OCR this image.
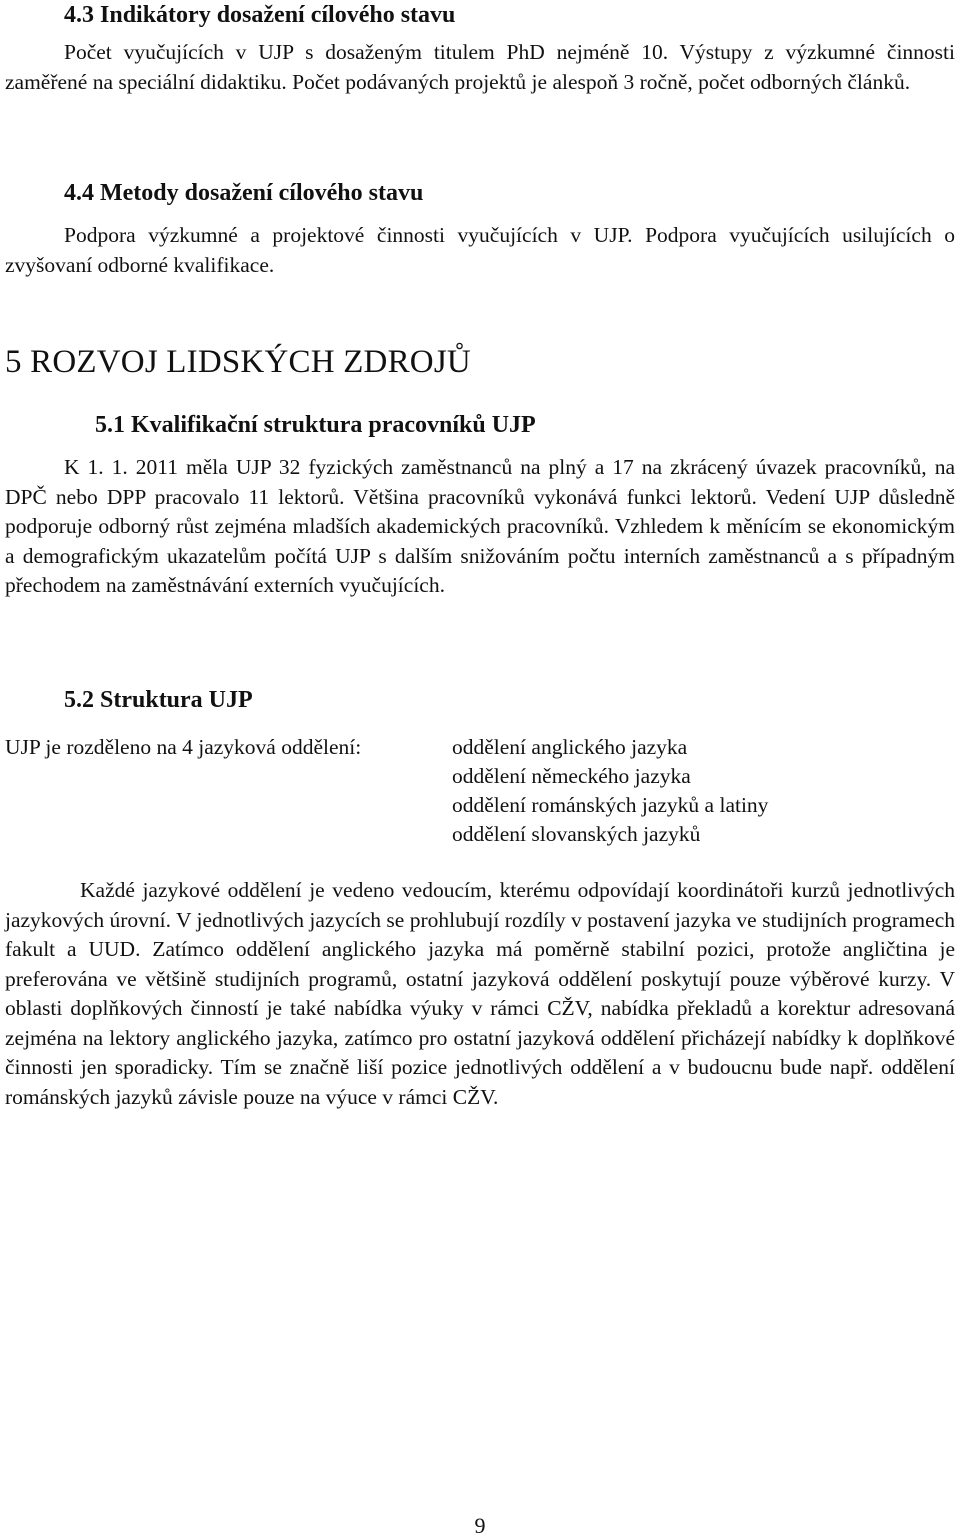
4.3 Indikátory dosažení cílového stavu

Počet vyučujících v UJP s dosaženým titulem PhD nejméně 10. Výstupy z výzkumné činnosti zaměřené na speciální didaktiku. Počet podávaných projektů je alespoň 3 ročně, počet odborných článků.

4.4 Metody dosažení cílového stavu

Podpora výzkumné a projektové činnosti vyučujících v UJP. Podpora vyučujících usilujících o zvyšovaní odborné kvalifikace.

5 ROZVOJ LIDSKÝCH ZDROJŮ
5.1 Kvalifikační struktura pracovníků UJP

K 1. 1. 2011 měla UJP 32 fyzických zaměstnanců na plný a 17 na zkrácený úvazek pracovníků, na DPČ nebo DPP pracovalo 11 lektorů. Většina pracovníků vykonává funkci lektorů. Vedení UJP důsledně podporuje odborný růst zejména mladších akademických pracovníků. Vzhledem k měnícím se ekonomickým a demografickým ukazatelům počítá UJP s dalším snižováním počtu interních zaměstnanců a s případným přechodem na zaměstnávání externích vyučujících.

5.2 Struktura UJP

UJP je rozděleno na 4 jazyková oddělení:	oddělení anglického jazyka
oddělení německého jazyka
oddělení románských jazyků a latiny
oddělení slovanských jazyků

Každé jazykové oddělení je vedeno vedoucím, kterému odpovídají koordinátoři kurzů jednotlivých jazykových úrovní. V jednotlivých jazycích se prohlubují rozdíly v postavení jazyka ve studijních programech fakult a UUD. Zatímco oddělení anglického jazyka má poměrně stabilní pozici, protože angličtina je preferována ve většině studijních programů, ostatní jazyková oddělení poskytují pouze výběrové kurzy. V oblasti doplňkových činností je také nabídka výuky v rámci CŽV, nabídka překladů a korektur adresovaná zejména na lektory anglického jazyka, zatímco pro ostatní jazyková oddělení přicházejí nabídky k doplňkové činnosti jen sporadicky. Tím se značně liší pozice jednotlivých oddělení a v budoucnu bude např. oddělení románských jazyků závisle pouze na výuce v rámci CŽV.

9
